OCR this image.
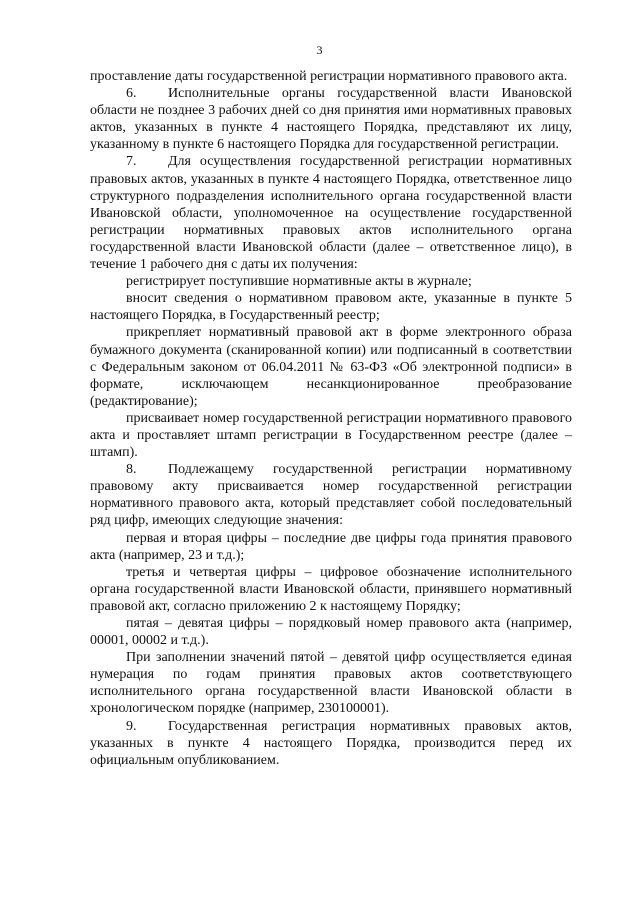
3

проставление даты государственной регистрации нормативного правового акта.

6. Исполнительные органы государственной власти Ивановской области не позднее 3 рабочих дней со дня принятия ими нормативных правовых актов, указанных в пункте 4 настоящего Порядка, представляют их лицу, указанному в пункте 6 настоящего Порядка для государственной регистрации.

7. Для осуществления государственной регистрации нормативных правовых актов, указанных в пункте 4 настоящего Порядка, ответственное лицо структурного подразделения исполнительного органа государственной власти Ивановской области, уполномоченное на осуществление государственной регистрации нормативных правовых актов исполнительного органа государственной власти Ивановской области (далее – ответственное лицо), в течение 1 рабочего дня с даты их получения:

регистрирует поступившие нормативные акты в журнале;

вносит сведения о нормативном правовом акте, указанные в пункте 5 настоящего Порядка, в Государственный реестр;

прикрепляет нормативный правовой акт в форме электронного образа бумажного документа (сканированной копии) или подписанный в соответствии с Федеральным законом от 06.04.2011 № 63-ФЗ «Об электронной подписи» в формате, исключающем несанкционированное преобразование (редактирование);

присваивает номер государственной регистрации нормативного правового акта и проставляет штамп регистрации в Государственном реестре (далее – штамп).

8. Подлежащему государственной регистрации нормативному правовому акту присваивается номер государственной регистрации нормативного правового акта, который представляет собой последовательный ряд цифр, имеющих следующие значения:

первая и вторая цифры – последние две цифры года принятия правового акта (например, 23 и т.д.);

третья и четвертая цифры – цифровое обозначение исполнительного органа государственной власти Ивановской области, принявшего нормативный правовой акт, согласно приложению 2 к настоящему Порядку;

пятая – девятая цифры – порядковый номер правового акта (например, 00001, 00002 и т.д.).

При заполнении значений пятой – девятой цифр осуществляется единая нумерация по годам принятия правовых актов соответствующего исполнительного органа государственной власти Ивановской области в хронологическом порядке (например, 230100001).

9. Государственная регистрация нормативных правовых актов, указанных в пункте 4 настоящего Порядка, производится перед их официальным опубликованием.
